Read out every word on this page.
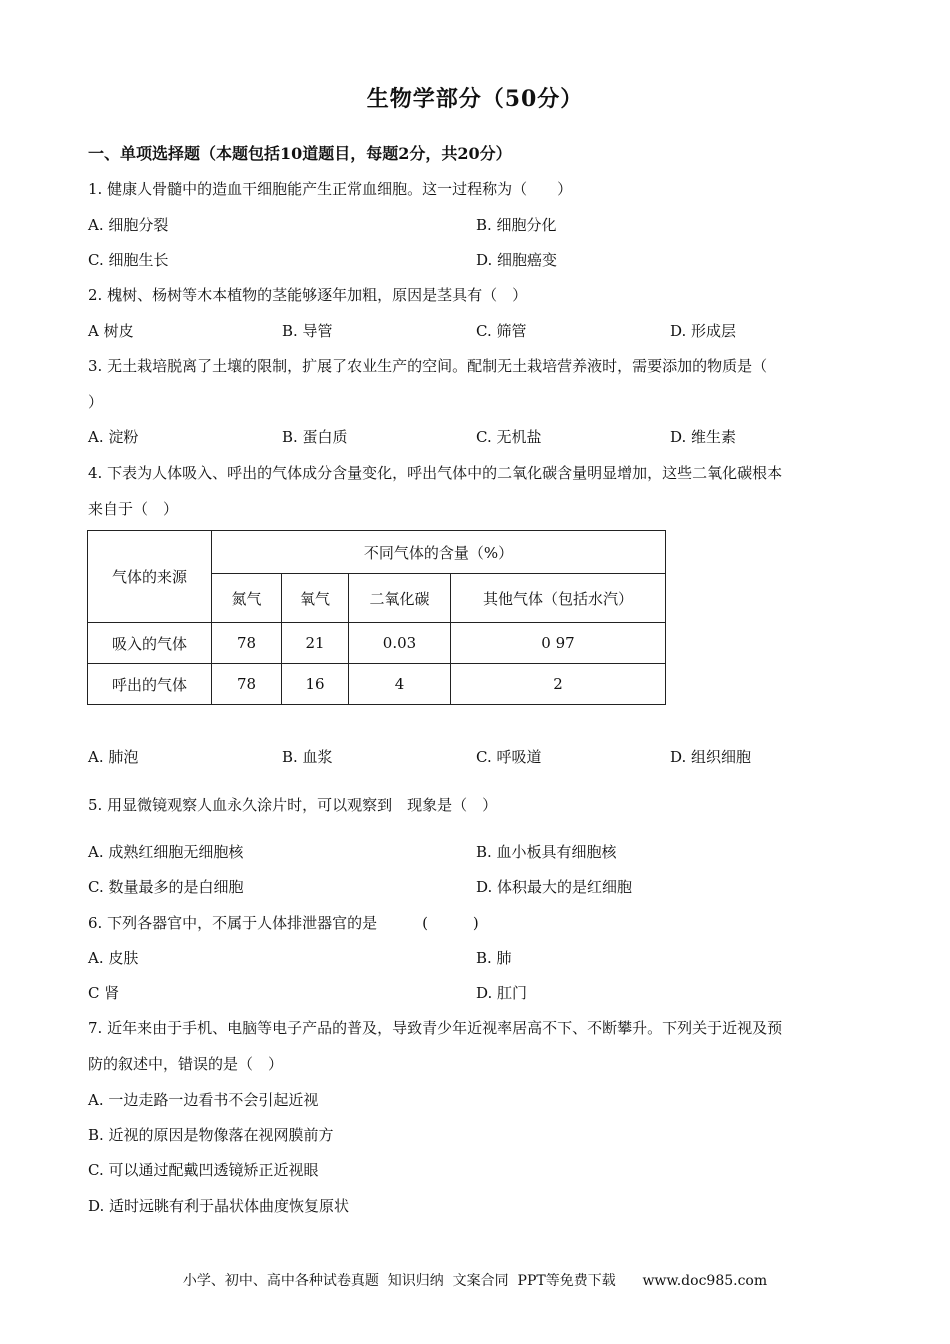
生物学部分（50分）
一、单项选择题（本题包括10道题目，每题2分，共20分）
1. 健康人骨髓中的造血干细胞能产生正常血细胞。这一过程称为（　　）
A. 细胞分裂	B. 细胞分化
C. 细胞生长	D. 细胞癌变
2. 槐树、杨树等木本植物的茎能够逐年加粗，原因是茎具有（　）
A 树皮	B. 导管	C. 筛管	D. 形成层
3. 无土栽培脱离了土壤的限制，扩展了农业生产的空间。配制无土栽培营养液时，需要添加的物质是（
）
A. 淀粉	B. 蛋白质	C. 无机盐	D. 维生素
4. 下表为人体吸入、呼出的气体成分含量变化，呼出气体中的二氧化碳含量明显增加，这些二氧化碳根本
来自于（　）
气体的来源	不同气体的含量（%）			
	氮气	氧气	二氧化碳	其他气体（包括水汽）
吸入的气体	78	21	0.03	0 97
呼出的气体	78	16	4	2
A. 肺泡	B. 血浆	C. 呼吸道	D. 组织细胞
5. 用显微镜观察人血永久涂片时，可以观察到　现象是（　）
A. 成熟红细胞无细胞核	B. 血小板具有细胞核
C. 数量最多的是白细胞	D. 体积最大的是红细胞
6. 下列各器官中，不属于人体排泄器官的是　　　(　　　)
A. 皮肤	B. 肺
C 肾	D. 肛门
7. 近年来由于手机、电脑等电子产品的普及，导致青少年近视率居高不下、不断攀升。下列关于近视及预
防的叙述中，错误的是（　）
A. 一边走路一边看书不会引起近视
B. 近视的原因是物像落在视网膜前方
C. 可以通过配戴凹透镜矫正近视眼
D. 适时远眺有利于晶状体曲度恢复原状
小学、初中、高中各种试卷真题  知识归纳  文案合同  PPT等免费下载      www.doc985.com
